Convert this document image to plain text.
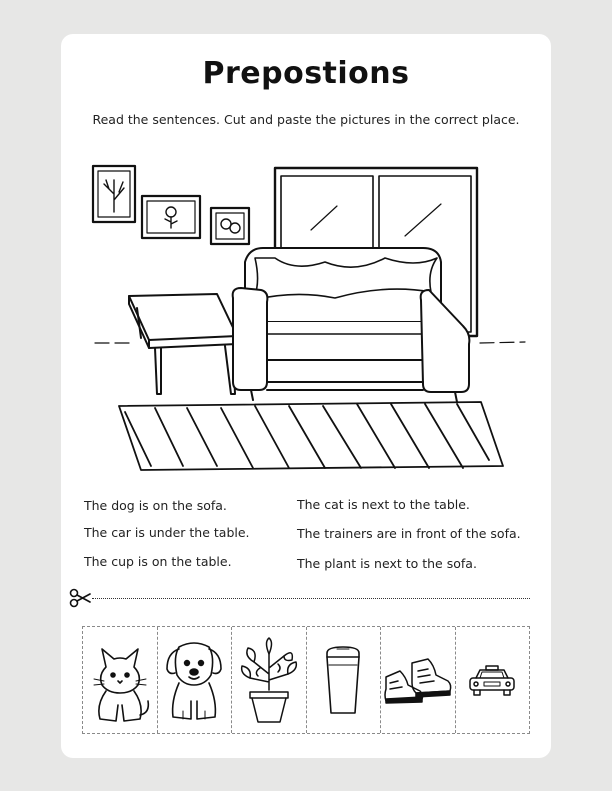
Prepostions
Read the sentences. Cut and paste the pictures in the correct place.
The dog is on the sofa.
The car is under the table.
The cup is on the table.
The cat is next to the table.
The trainers are in front of the sofa.
The plant is next to the sofa.
